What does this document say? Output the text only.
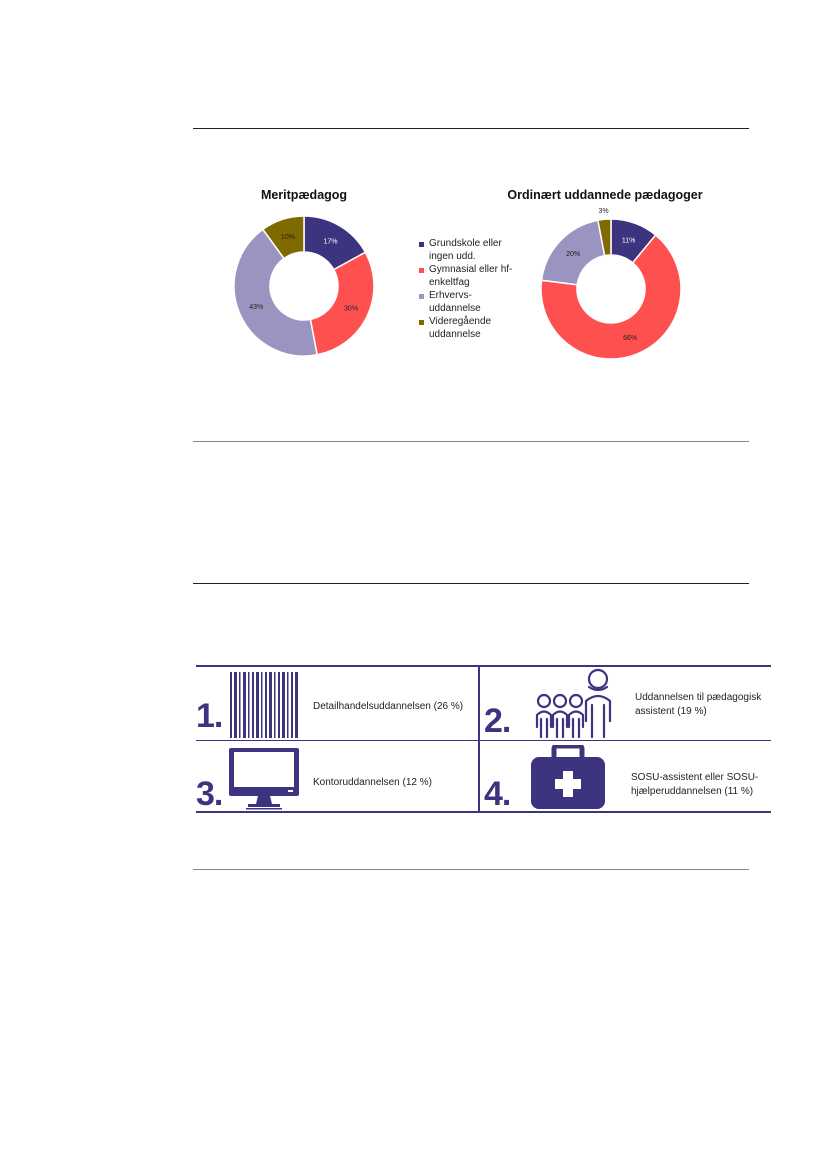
Meritpædagog	Ordinært uddannede pædagoger
17%
30%
43%
10%
11%
66%
20%
3%
Grundskole eller
ingen udd.
Gymnasial eller hf-
enkeltfag
Erhvervs-
uddannelse
Videregående
uddannelse
1.	Detailhandelsuddannelsen (26 %) 2.
Uddannelsen til pædagogisk
assistent (19 %)
3.	Kontoruddannelsen (12 %) 4.	SOSU-assistent eller SOSU-
hjælperuddannelsen (11 %)
